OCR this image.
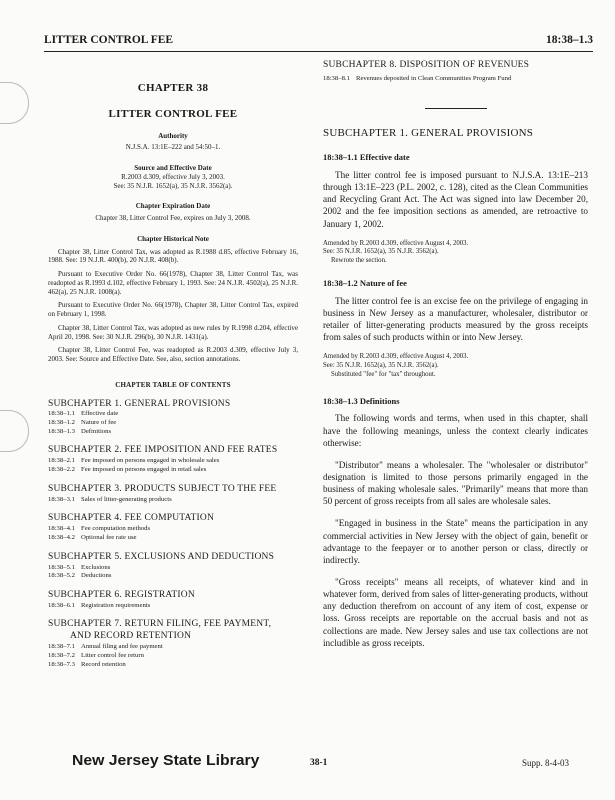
LITTER CONTROL FEE	18:38–1.3
CHAPTER 38
LITTER CONTROL FEE
Authority
N.J.S.A. 13:1E–222 and 54:50–1.
Source and Effective Date
R.2003 d.309, effective July 3, 2003.
See: 35 N.J.R. 1652(a), 35 N.J.R. 3562(a).
Chapter Expiration Date
Chapter 38, Litter Control Fee, expires on July 3, 2008.
Chapter Historical Note
Chapter 38, Litter Control Tax, was adopted as R.1988 d.85, effective February 16, 1988. See: 19 N.J.R. 400(b), 20 N.J.R. 408(b).
Pursuant to Executive Order No. 66(1978), Chapter 38, Litter Control Tax, was readopted as R.1993 d.102, effective February 1, 1993. See: 24 N.J.R. 4502(a), 25 N.J.R. 462(a), 25 N.J.R. 1008(a).
Pursuant to Executive Order No. 66(1978), Chapter 38, Litter Control Tax, expired on February 1, 1998.
Chapter 38, Litter Control Tax, was adopted as new rules by R.1998 d.204, effective April 20, 1998. See: 30 N.J.R. 296(b), 30 N.J.R. 1431(a).
Chapter 38, Litter Control Fee, was readopted as R.2003 d.309, effective July 3, 2003. See: Source and Effective Date. See, also, section annotations.
CHAPTER TABLE OF CONTENTS
SUBCHAPTER 1. GENERAL PROVISIONS
18:38–1.1 Effective date
18:38–1.2 Nature of fee
18:38–1.3 Definitions
SUBCHAPTER 2. FEE IMPOSITION AND FEE RATES
18:38–2.1 Fee imposed on persons engaged in wholesale sales
18:38–2.2 Fee imposed on persons engaged in retail sales
SUBCHAPTER 3. PRODUCTS SUBJECT TO THE FEE
18:38–3.1 Sales of litter-generating products
SUBCHAPTER 4. FEE COMPUTATION
18:38–4.1 Fee computation methods
18:38–4.2 Optional fee rate use
SUBCHAPTER 5. EXCLUSIONS AND DEDUCTIONS
18:38–5.1 Exclusions
18:38–5.2 Deductions
SUBCHAPTER 6. REGISTRATION
18:38–6.1 Registration requirements
SUBCHAPTER 7. RETURN FILING, FEE PAYMENT,
AND RECORD RETENTION
18:38–7.1 Annual filing and fee payment
18:38–7.2 Litter control fee return
18:38–7.3 Record retention
SUBCHAPTER 8. DISPOSITION OF REVENUES
18:38–8.1 Revenues deposited in Clean Communities Program Fund
SUBCHAPTER 1. GENERAL PROVISIONS
18:38–1.1 Effective date

The litter control fee is imposed pursuant to N.J.S.A. 13:1E–213 through 13:1E–223 (P.L. 2002, c. 128), cited as the Clean Communities and Recycling Grant Act. The Act was signed into law December 20, 2002 and the fee imposition sections as amended, are retroactive to January 1, 2002.

Amended by R.2003 d.309, effective August 4, 2003.
See: 35 N.J.R. 1652(a), 35 N.J.R. 3562(a).
Rewrote the section.
18:38–1.2 Nature of fee

The litter control fee is an excise fee on the privilege of engaging in business in New Jersey as a manufacturer, wholesaler, distributor or retailer of litter-generating products measured by the gross receipts from sales of such products within or into New Jersey.

Amended by R.2003 d.309, effective August 4, 2003.
See: 35 N.J.R. 1652(a), 35 N.J.R. 3562(a).
Substituted "fee" for "tax" throughout.
18:38–1.3 Definitions

The following words and terms, when used in this chapter, shall have the following meanings, unless the context clearly indicates otherwise:

"Distributor" means a wholesaler. The "wholesaler or distributor" designation is limited to those persons primarily engaged in the business of making wholesale sales. "Primarily" means that more than 50 percent of gross receipts from all sales are wholesale sales.

"Engaged in business in the State" means the participation in any commercial activities in New Jersey with the object of gain, benefit or advantage to the feepayer or to another person or class, directly or indirectly.

"Gross receipts" means all receipts, of whatever kind and in whatever form, derived from sales of litter-generating products, without any deduction therefrom on account of any item of cost, expense or loss. Gross receipts are reportable on the accrual basis and not as collections are made. New Jersey sales and use tax collections are not includible as gross receipts.

New Jersey State Library	38-1	Supp. 8-4-03
